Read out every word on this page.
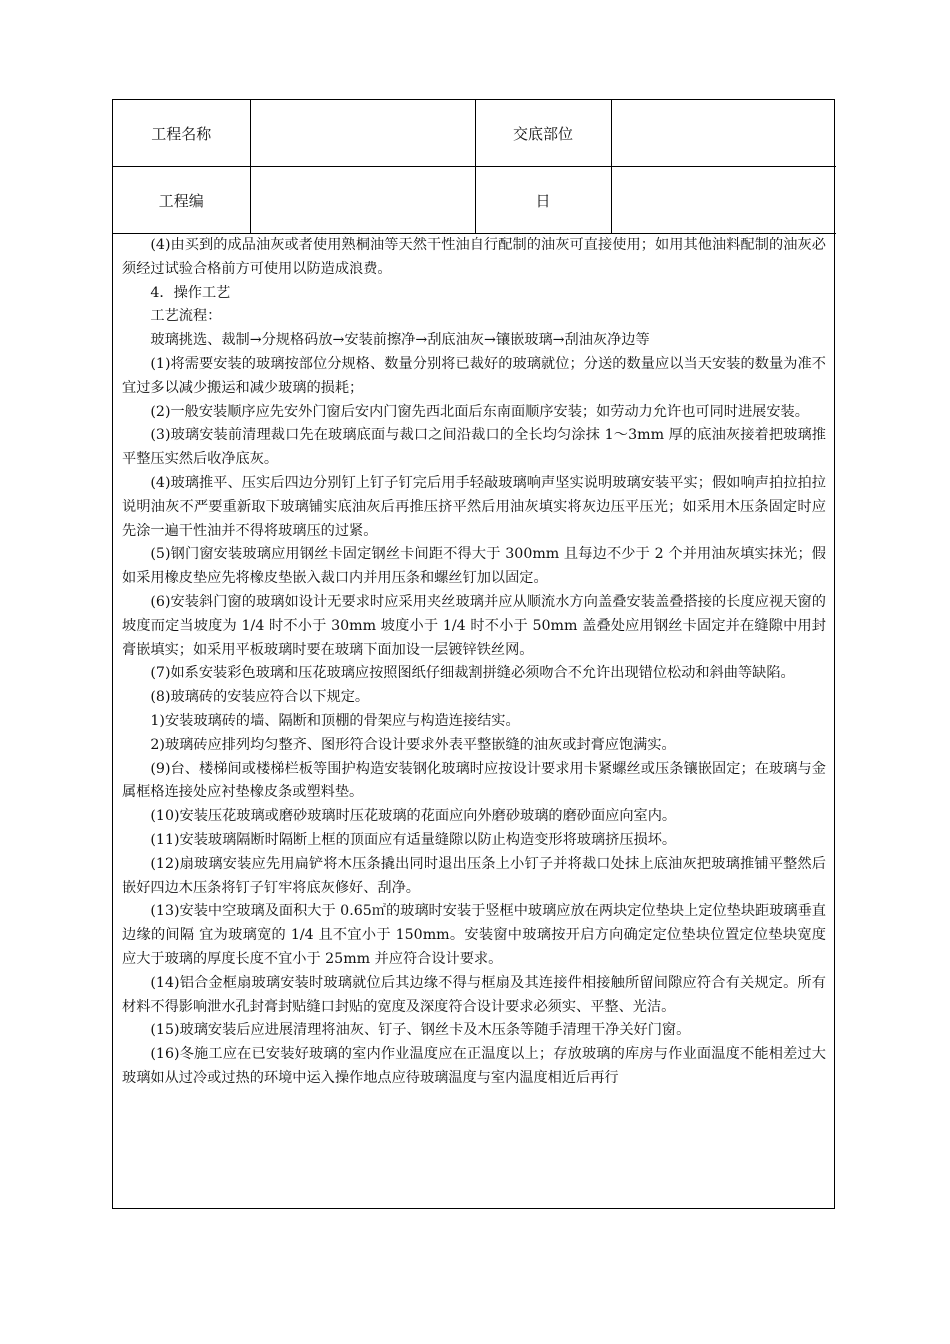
工程名称		交底部位	
工程编		日	

(4)由买到的成品油灰或者使用熟桐油等天然干性油自行配制的油灰可直接使用；如用其他油料配制的油灰必须经过试验合格前方可使用以防造成浪费。

4．操作工艺

工艺流程：

玻璃挑选、裁制→分规格码放→安装前擦净→刮底油灰→镶嵌玻璃→刮油灰净边等

(1)将需要安装的玻璃按部位分规格、数量分别将已裁好的玻璃就位；分送的数量应以当天安装的数量为准不宜过多以减少搬运和减少玻璃的损耗；

(2)一般安装顺序应先安外门窗后安内门窗先西北面后东南面顺序安装；如劳动力允许也可同时进展安装。

(3)玻璃安装前清理裁口先在玻璃底面与裁口之间沿裁口的全长均匀涂抹 1～3mm 厚的底油灰接着把玻璃推平整压实然后收净底灰。

(4)玻璃推平、压实后四边分别钉上钉子钉完后用手轻敲玻璃响声坚实说明玻璃安装平实；假如响声拍拉拍拉说明油灰不严要重新取下玻璃铺实底油灰后再推压挤平然后用油灰填实将灰边压平压光；如采用木压条固定时应先涂一遍干性油并不得将玻璃压的过紧。

(5)钢门窗安装玻璃应用钢丝卡固定钢丝卡间距不得大于 300mm 且每边不少于 2 个并用油灰填实抹光；假如采用橡皮垫应先将橡皮垫嵌入裁口内并用压条和螺丝钉加以固定。

(6)安装斜门窗的玻璃如设计无要求时应采用夹丝玻璃并应从顺流水方向盖叠安装盖叠搭接的长度应视天窗的坡度而定当坡度为 1/4 时不小于 30mm 坡度小于 1/4 时不小于 50mm 盖叠处应用钢丝卡固定并在缝隙中用封膏嵌填实；如采用平板玻璃时要在玻璃下面加设一层镀锌铁丝网。

(7)如系安装彩色玻璃和压花玻璃应按照图纸仔细裁割拼缝必须吻合不允许出现错位松动和斜曲等缺陷。

(8)玻璃砖的安装应符合以下规定。

1)安装玻璃砖的墙、隔断和顶棚的骨架应与构造连接结实。

2)玻璃砖应排列均匀整齐、图形符合设计要求外表平整嵌缝的油灰或封膏应饱满实。

(9)台、楼梯间或楼梯栏板等围护构造安装钢化玻璃时应按设计要求用卡紧螺丝或压条镶嵌固定；在玻璃与金属框格连接处应衬垫橡皮条或塑料垫。

(10)安装压花玻璃或磨砂玻璃时压花玻璃的花面应向外磨砂玻璃的磨砂面应向室内。

(11)安装玻璃隔断时隔断上框的顶面应有适量缝隙以防止构造变形将玻璃挤压损坏。

(12)扇玻璃安装应先用扁铲将木压条撬出同时退出压条上小钉子并将裁口处抹上底油灰把玻璃推铺平整然后嵌好四边木压条将钉子钉牢将底灰修好、刮净。

(13)安装中空玻璃及面积大于 0.65㎡的玻璃时安装于竖框中玻璃应放在两块定位垫块上定位垫块距玻璃垂直边缘的间隔 宜为玻璃宽的 1/4 且不宜小于 150mm。安装窗中玻璃按开启方向确定定位垫块位置定位垫块宽度应大于玻璃的厚度长度不宜小于 25mm 并应符合设计要求。

(14)铝合金框扇玻璃安装时玻璃就位后其边缘不得与框扇及其连接件相接触所留间隙应符合有关规定。所有材料不得影响泄水孔封膏封贴缝口封贴的宽度及深度符合设计要求必须实、平整、光洁。

(15)玻璃安装后应进展清理将油灰、钉子、钢丝卡及木压条等随手清理干净关好门窗。

(16)冬施工应在已安装好玻璃的室内作业温度应在正温度以上；存放玻璃的库房与作业面温度不能相差过大玻璃如从过冷或过热的环境中运入操作地点应待玻璃温度与室内温度相近后再行
